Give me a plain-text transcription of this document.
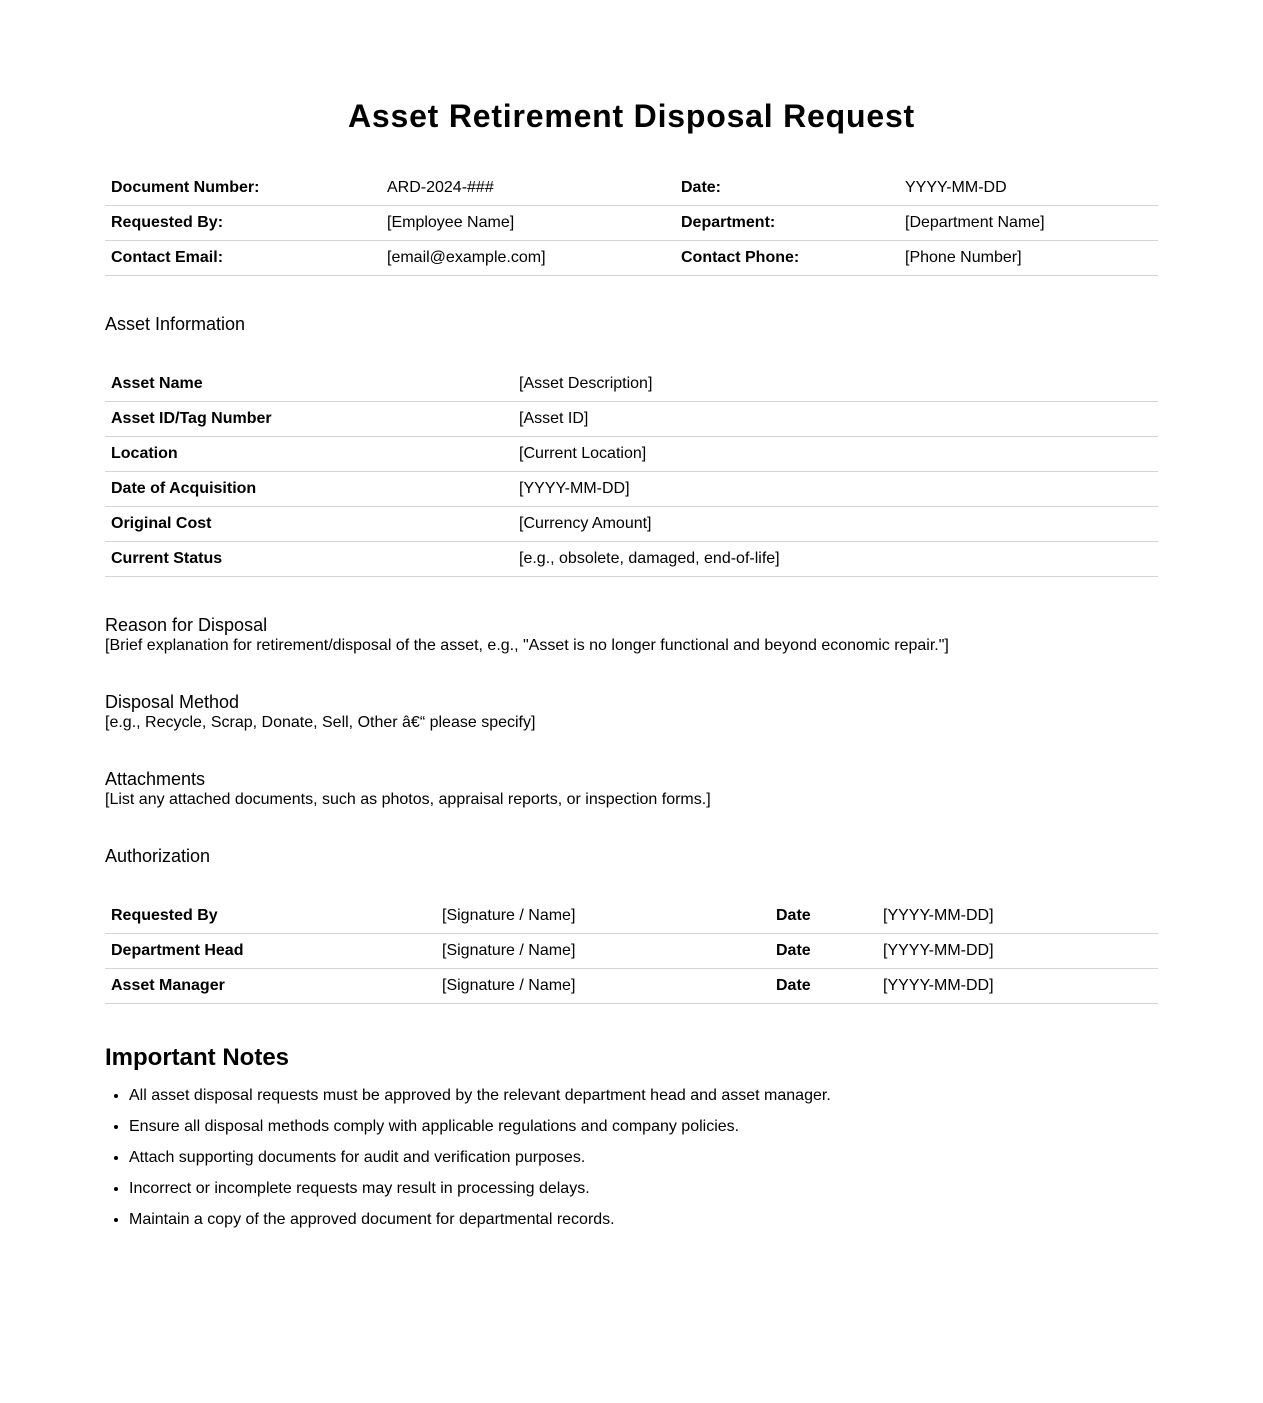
Asset Retirement Disposal Request
Document Number:	ARD-2024-###	Date:	YYYY-MM-DD
Requested By:	[Employee Name]	Department:	[Department Name]
Contact Email:	[email@example.com]	Contact Phone:	[Phone Number]
Asset Information
Asset Name	[Asset Description]
Asset ID/Tag Number	[Asset ID]
Location	[Current Location]
Date of Acquisition	[YYYY-MM-DD]
Original Cost	[Currency Amount]
Current Status	[e.g., obsolete, damaged, end-of-life]
Reason for Disposal

[Brief explanation for retirement/disposal of the asset, e.g., "Asset is no longer functional and beyond economic repair."]

Disposal Method

[e.g., Recycle, Scrap, Donate, Sell, Other â€“ please specify]

Attachments

[List any attached documents, such as photos, appraisal reports, or inspection forms.]

Authorization
Requested By	[Signature / Name]	Date	[YYYY-MM-DD]
Department Head	[Signature / Name]	Date	[YYYY-MM-DD]
Asset Manager	[Signature / Name]	Date	[YYYY-MM-DD]
Important Notes
• All asset disposal requests must be approved by the relevant department head and asset manager.
• Ensure all disposal methods comply with applicable regulations and company policies.
• Attach supporting documents for audit and verification purposes.
• Incorrect or incomplete requests may result in processing delays.
• Maintain a copy of the approved document for departmental records.
